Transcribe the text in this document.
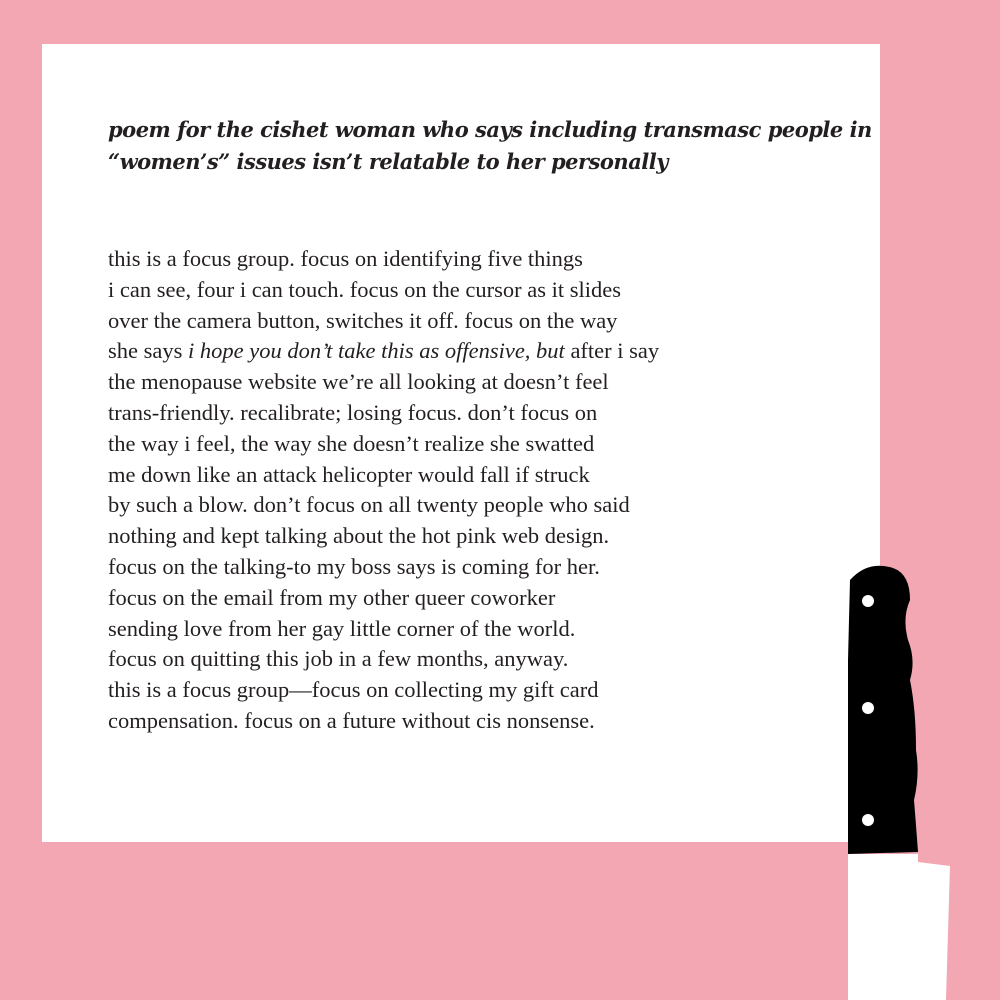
poem for the cishet woman who says including transmasc people in
“women’s” issues isn’t relatable to her personally
this is a focus group. focus on identifying five things
i can see, four i can touch. focus on the cursor as it slides
over the camera button, switches it off. focus on the way
she says i hope you don’t take this as offensive, but after i say
the menopause website we’re all looking at doesn’t feel
trans-friendly. recalibrate; losing focus. don’t focus on
the way i feel, the way she doesn’t realize she swatted
me down like an attack helicopter would fall if struck
by such a blow. don’t focus on all twenty people who said
nothing and kept talking about the hot pink web design.
focus on the talking-to my boss says is coming for her.
focus on the email from my other queer coworker
sending love from her gay little corner of the world.
focus on quitting this job in a few months, anyway.
this is a focus group—focus on collecting my gift card
compensation. focus on a future without cis nonsense.
